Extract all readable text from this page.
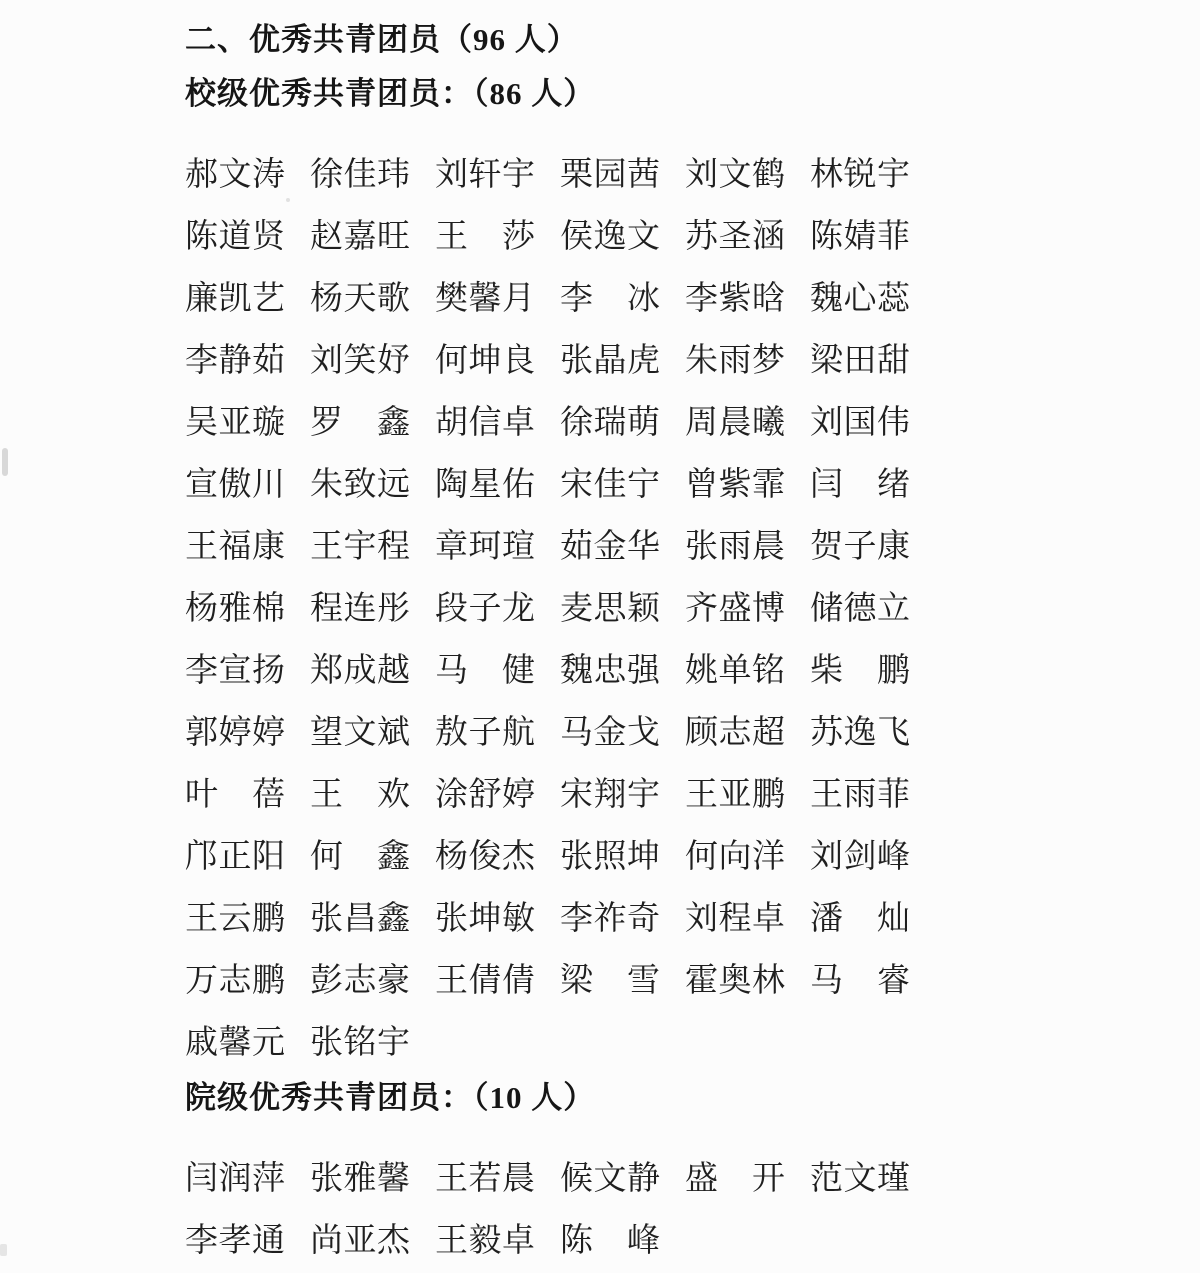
二、优秀共青团员（96 人）
校级优秀共青团员：（86 人）
郝文涛 徐佳玮 刘轩宇 栗园茜 刘文鹤 林锐宇
陈道贤 赵嘉旺 王　莎 侯逸文 苏圣涵 陈婧菲
廉凯艺 杨天歌 樊馨月 李　冰 李紫晗 魏心蕊
李静茹 刘笑妤 何坤良 张晶虎 朱雨梦 梁田甜
吴亚璇 罗　鑫 胡信卓 徐瑞萌 周晨曦 刘国伟
宣傲川 朱致远 陶星佑 宋佳宁 曾紫霏 闫　绪
王福康 王宇程 章珂瑄 茹金华 张雨晨 贺子康
杨雅棉 程连彤 段子龙 麦思颖 齐盛博 储德立
李宣扬 郑成越 马　健 魏忠强 姚单铭 柴　鹏
郭婷婷 望文斌 敖子航 马金戈 顾志超 苏逸飞
叶　蓓 王　欢 涂舒婷 宋翔宇 王亚鹏 王雨菲
邝正阳 何　鑫 杨俊杰 张照坤 何向洋 刘剑峰
王云鹏 张昌鑫 张坤敏 李祚奇 刘程卓 潘　灿
万志鹏 彭志豪 王倩倩 梁　雪 霍奥林 马　睿
戚馨元 张铭宇
院级优秀共青团员：（10 人）
闫润萍 张雅馨 王若晨 候文静 盛　开 范文瑾
李孝通 尚亚杰 王毅卓 陈　峰
